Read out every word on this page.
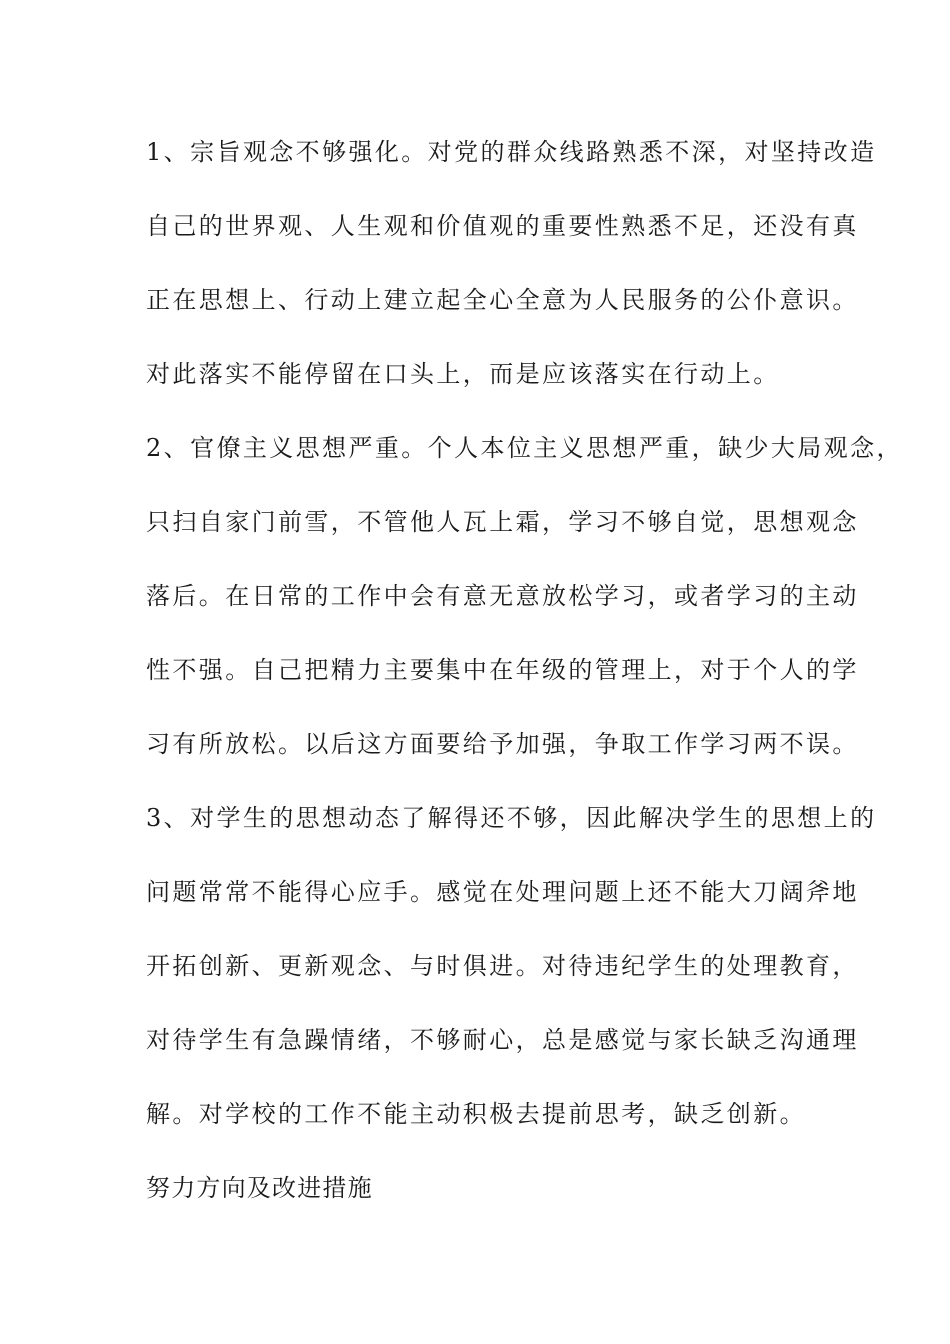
1、宗旨观念不够强化。对党的群众线路熟悉不深，对坚持改造

自己的世界观、人生观和价值观的重要性熟悉不足，还没有真

正在思想上、行动上建立起全心全意为人民服务的公仆意识。

对此落实不能停留在口头上，而是应该落实在行动上。

2、官僚主义思想严重。个人本位主义思想严重，缺少大局观念，

只扫自家门前雪，不管他人瓦上霜，学习不够自觉，思想观念

落后。在日常的工作中会有意无意放松学习，或者学习的主动

性不强。自己把精力主要集中在年级的管理上，对于个人的学

习有所放松。以后这方面要给予加强，争取工作学习两不误。

3、对学生的思想动态了解得还不够，因此解决学生的思想上的

问题常常不能得心应手。感觉在处理问题上还不能大刀阔斧地

开拓创新、更新观念、与时俱进。对待违纪学生的处理教育，

对待学生有急躁情绪，不够耐心，总是感觉与家长缺乏沟通理

解。对学校的工作不能主动积极去提前思考，缺乏创新。

努力方向及改进措施
